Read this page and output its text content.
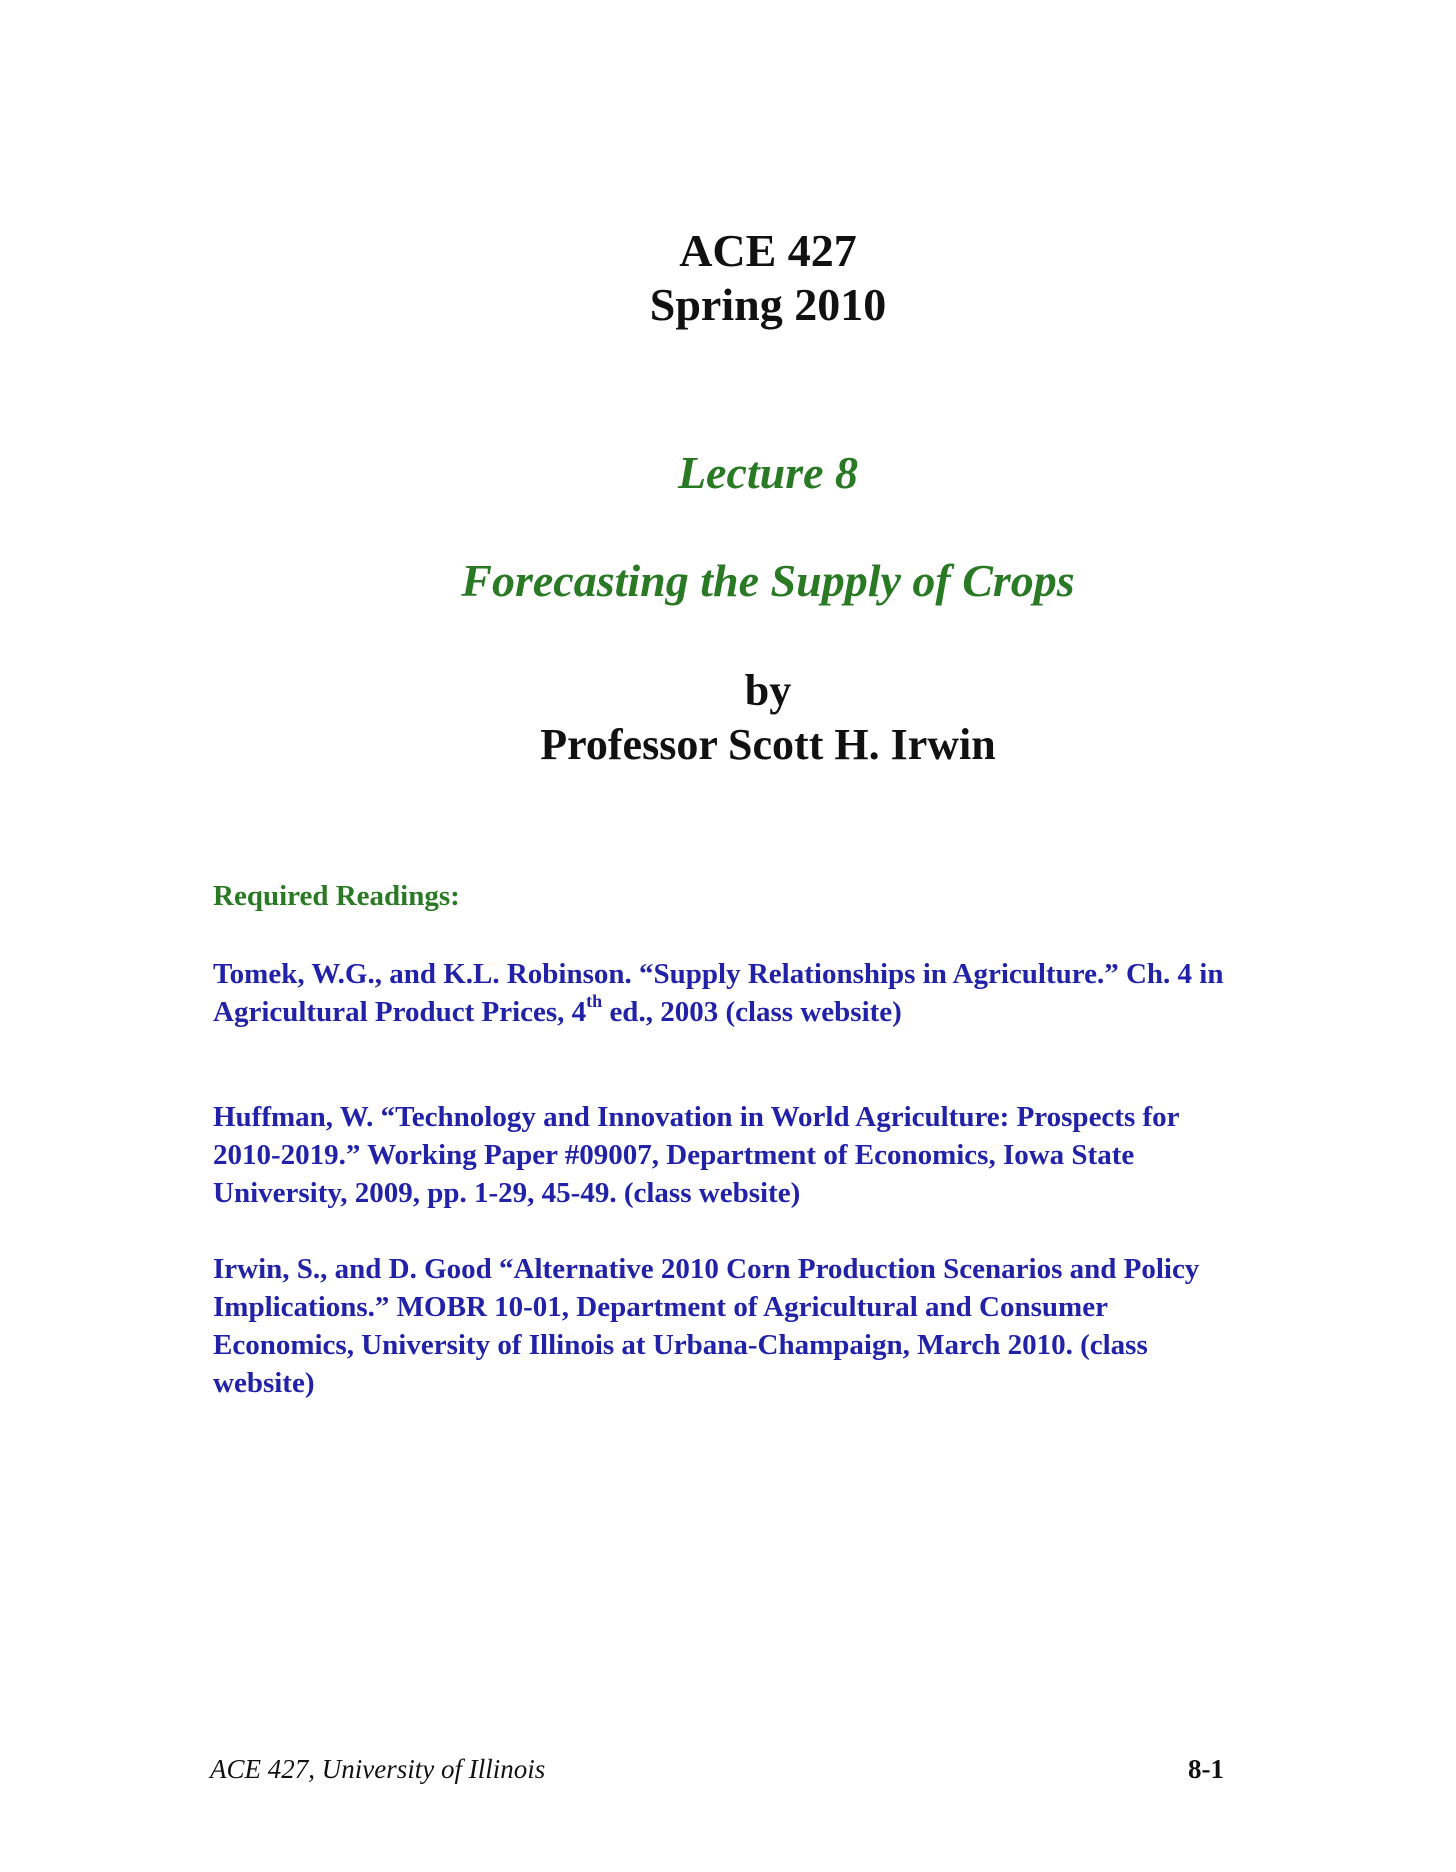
ACE 427
Spring 2010
Lecture 8
Forecasting the Supply of Crops
by
Professor Scott H. Irwin
Required Readings:
Tomek, W.G., and K.L. Robinson. “Supply Relationships in Agriculture.” Ch. 4 in Agricultural Product Prices, 4th ed., 2003 (class website)
Huffman, W. “Technology and Innovation in World Agriculture: Prospects for 2010-2019.” Working Paper #09007, Department of Economics, Iowa State University, 2009, pp. 1-29, 45-49. (class website)
Irwin, S., and D. Good “Alternative 2010 Corn Production Scenarios and Policy Implications.” MOBR 10-01, Department of Agricultural and Consumer Economics, University of Illinois at Urbana-Champaign, March 2010. (class website)
ACE 427, University of Illinois	8-1
